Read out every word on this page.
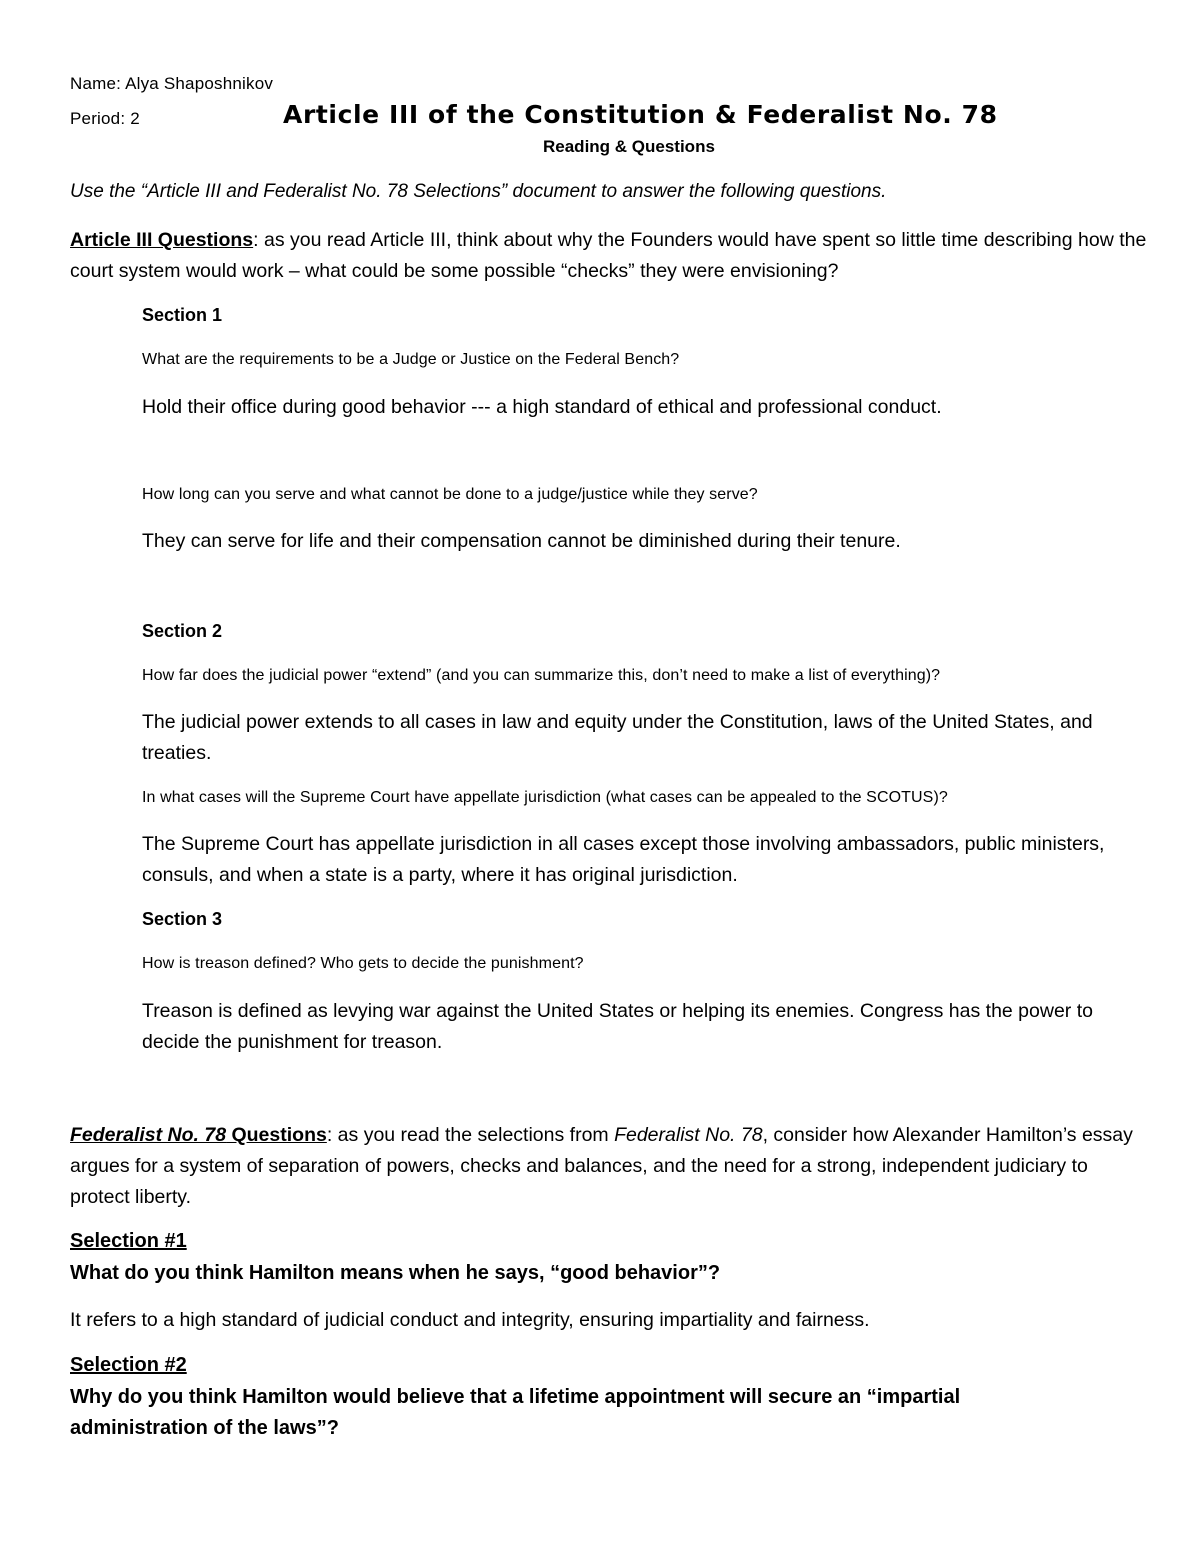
Name: Alya Shaposhnikov
Period: 2	Article III of the Constitution & Federalist No. 78
Reading & Questions
Use the “Article III and Federalist No. 78 Selections” document to answer the following questions.
Article III Questions: as you read Article III, think about why the Founders would have spent so little time describing how the court system would work – what could be some possible “checks” they were envisioning?
Section 1
What are the requirements to be a Judge or Justice on the Federal Bench?
Hold their office during good behavior --- a high standard of ethical and professional conduct.
How long can you serve and what cannot be done to a judge/justice while they serve?
They can serve for life and their compensation cannot be diminished during their tenure.
Section 2
How far does the judicial power “extend” (and you can summarize this, don’t need to make a list of everything)?
The judicial power extends to all cases in law and equity under the Constitution, laws of the United States, and treaties.
In what cases will the Supreme Court have appellate jurisdiction (what cases can be appealed to the SCOTUS)?
The Supreme Court has appellate jurisdiction in all cases except those involving ambassadors, public ministers, consuls, and when a state is a party, where it has original jurisdiction.
Section 3
How is treason defined? Who gets to decide the punishment?
Treason is defined as levying war against the United States or helping its enemies. Congress has the power to decide the punishment for treason.
Federalist No. 78 Questions: as you read the selections from Federalist No. 78, consider how Alexander Hamilton’s essay argues for a system of separation of powers, checks and balances, and the need for a strong, independent judiciary to protect liberty.
Selection #1
What do you think Hamilton means when he says, “good behavior”?
It refers to a high standard of judicial conduct and integrity, ensuring impartiality and fairness.
Selection #2
Why do you think Hamilton would believe that a lifetime appointment will secure an “impartial administration of the laws”?
